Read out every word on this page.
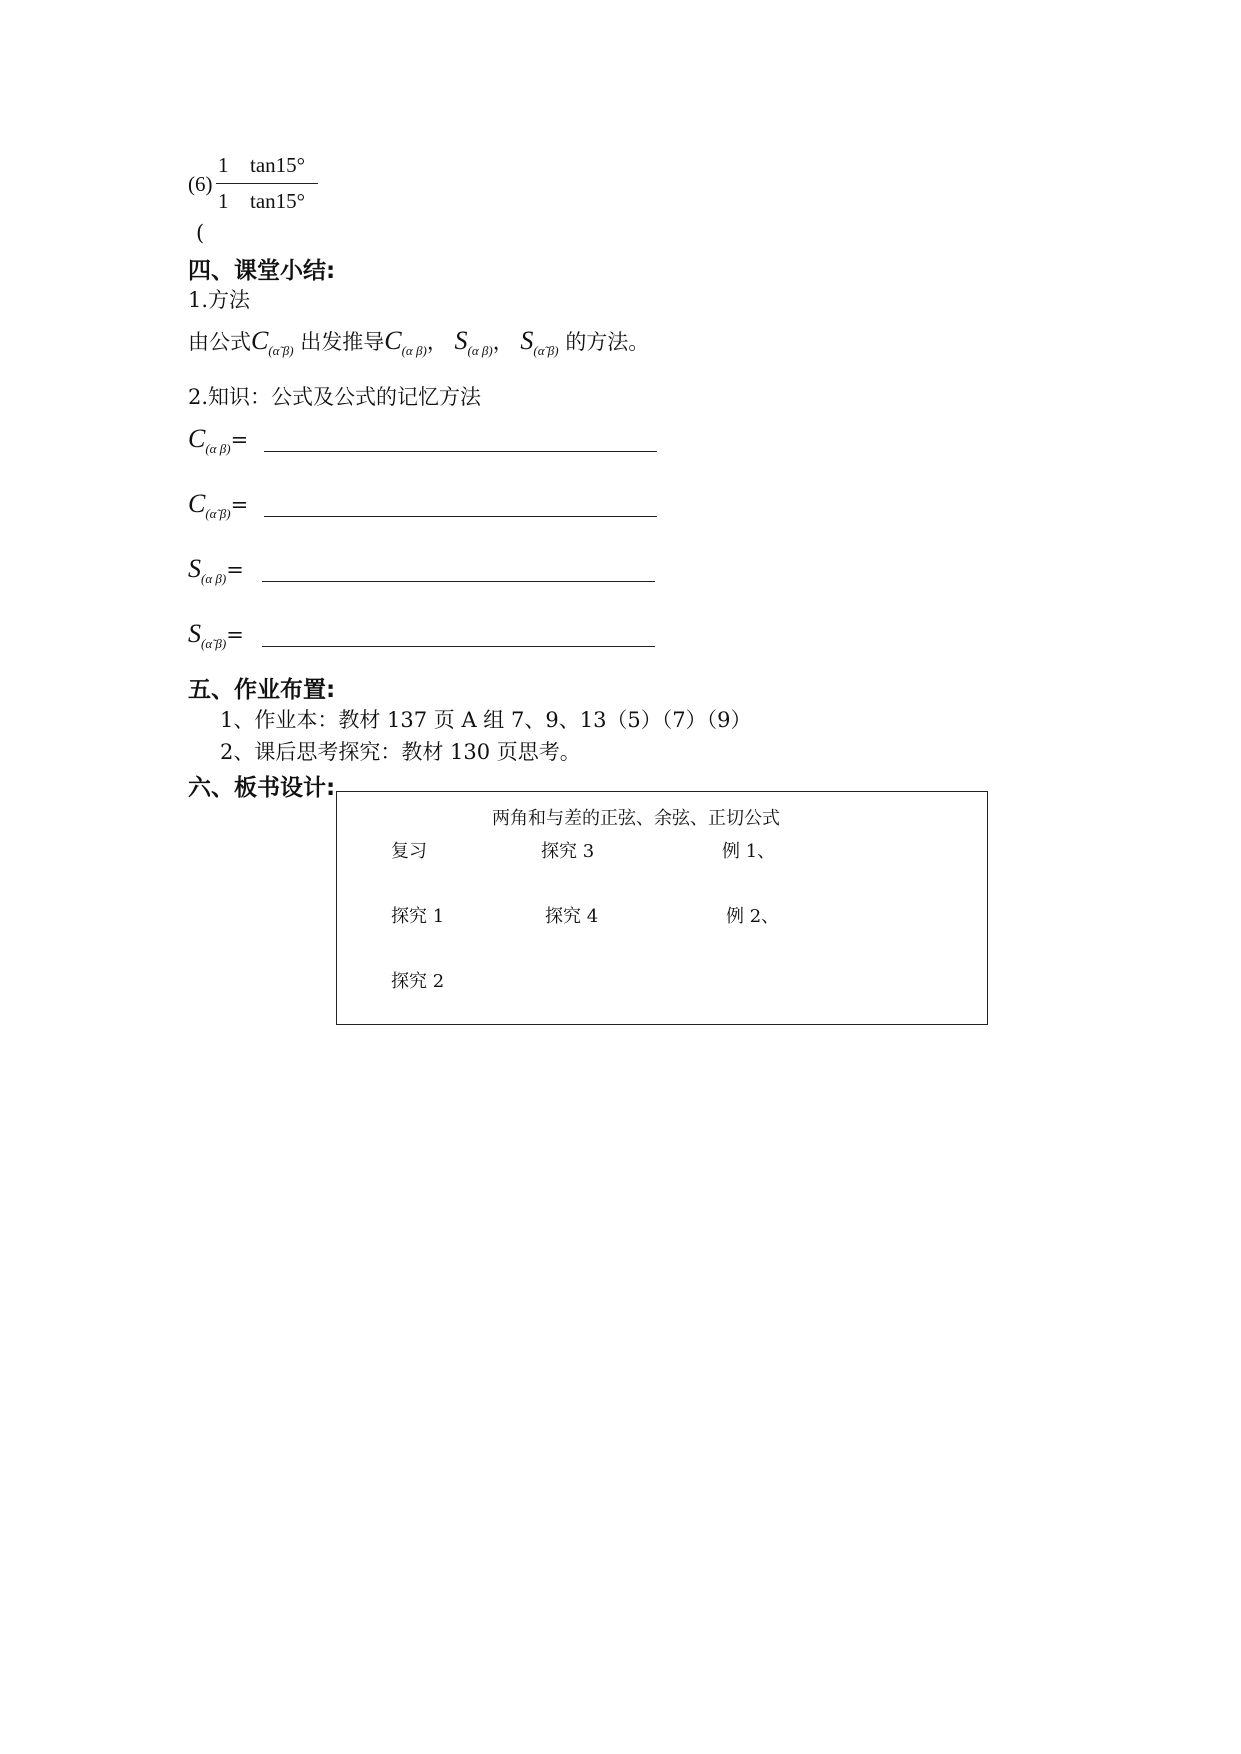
(6)
1 tan15°
1 tan15°
(
四、课堂小结:
1.方法
由公式$C_{(\alphã \beta)}$ 出发推导$C_{(\alpha \beta)}$， $S_{(\alpha \beta)}$， $S_{(\alphã \beta)}$ 的方法。
2.知识：公式及公式的记忆方法
$C_{(\alpha \beta)}=$
$C_{(\alphã \beta)}=$
$S_{(\alpha \beta)}=$
$S_{(\alphã \beta)}=$
五、作业布置:
1、作业本：教材 137 页 A 组 7、9、13（5）（7）（9）
2、课后思考探究：教材 130 页思考。
六、板书设计:
两角和与差的正弦、余弦、正切公式
复习
探究 1
探究 2
探究 3
探究 4
例 1、
例 2、
